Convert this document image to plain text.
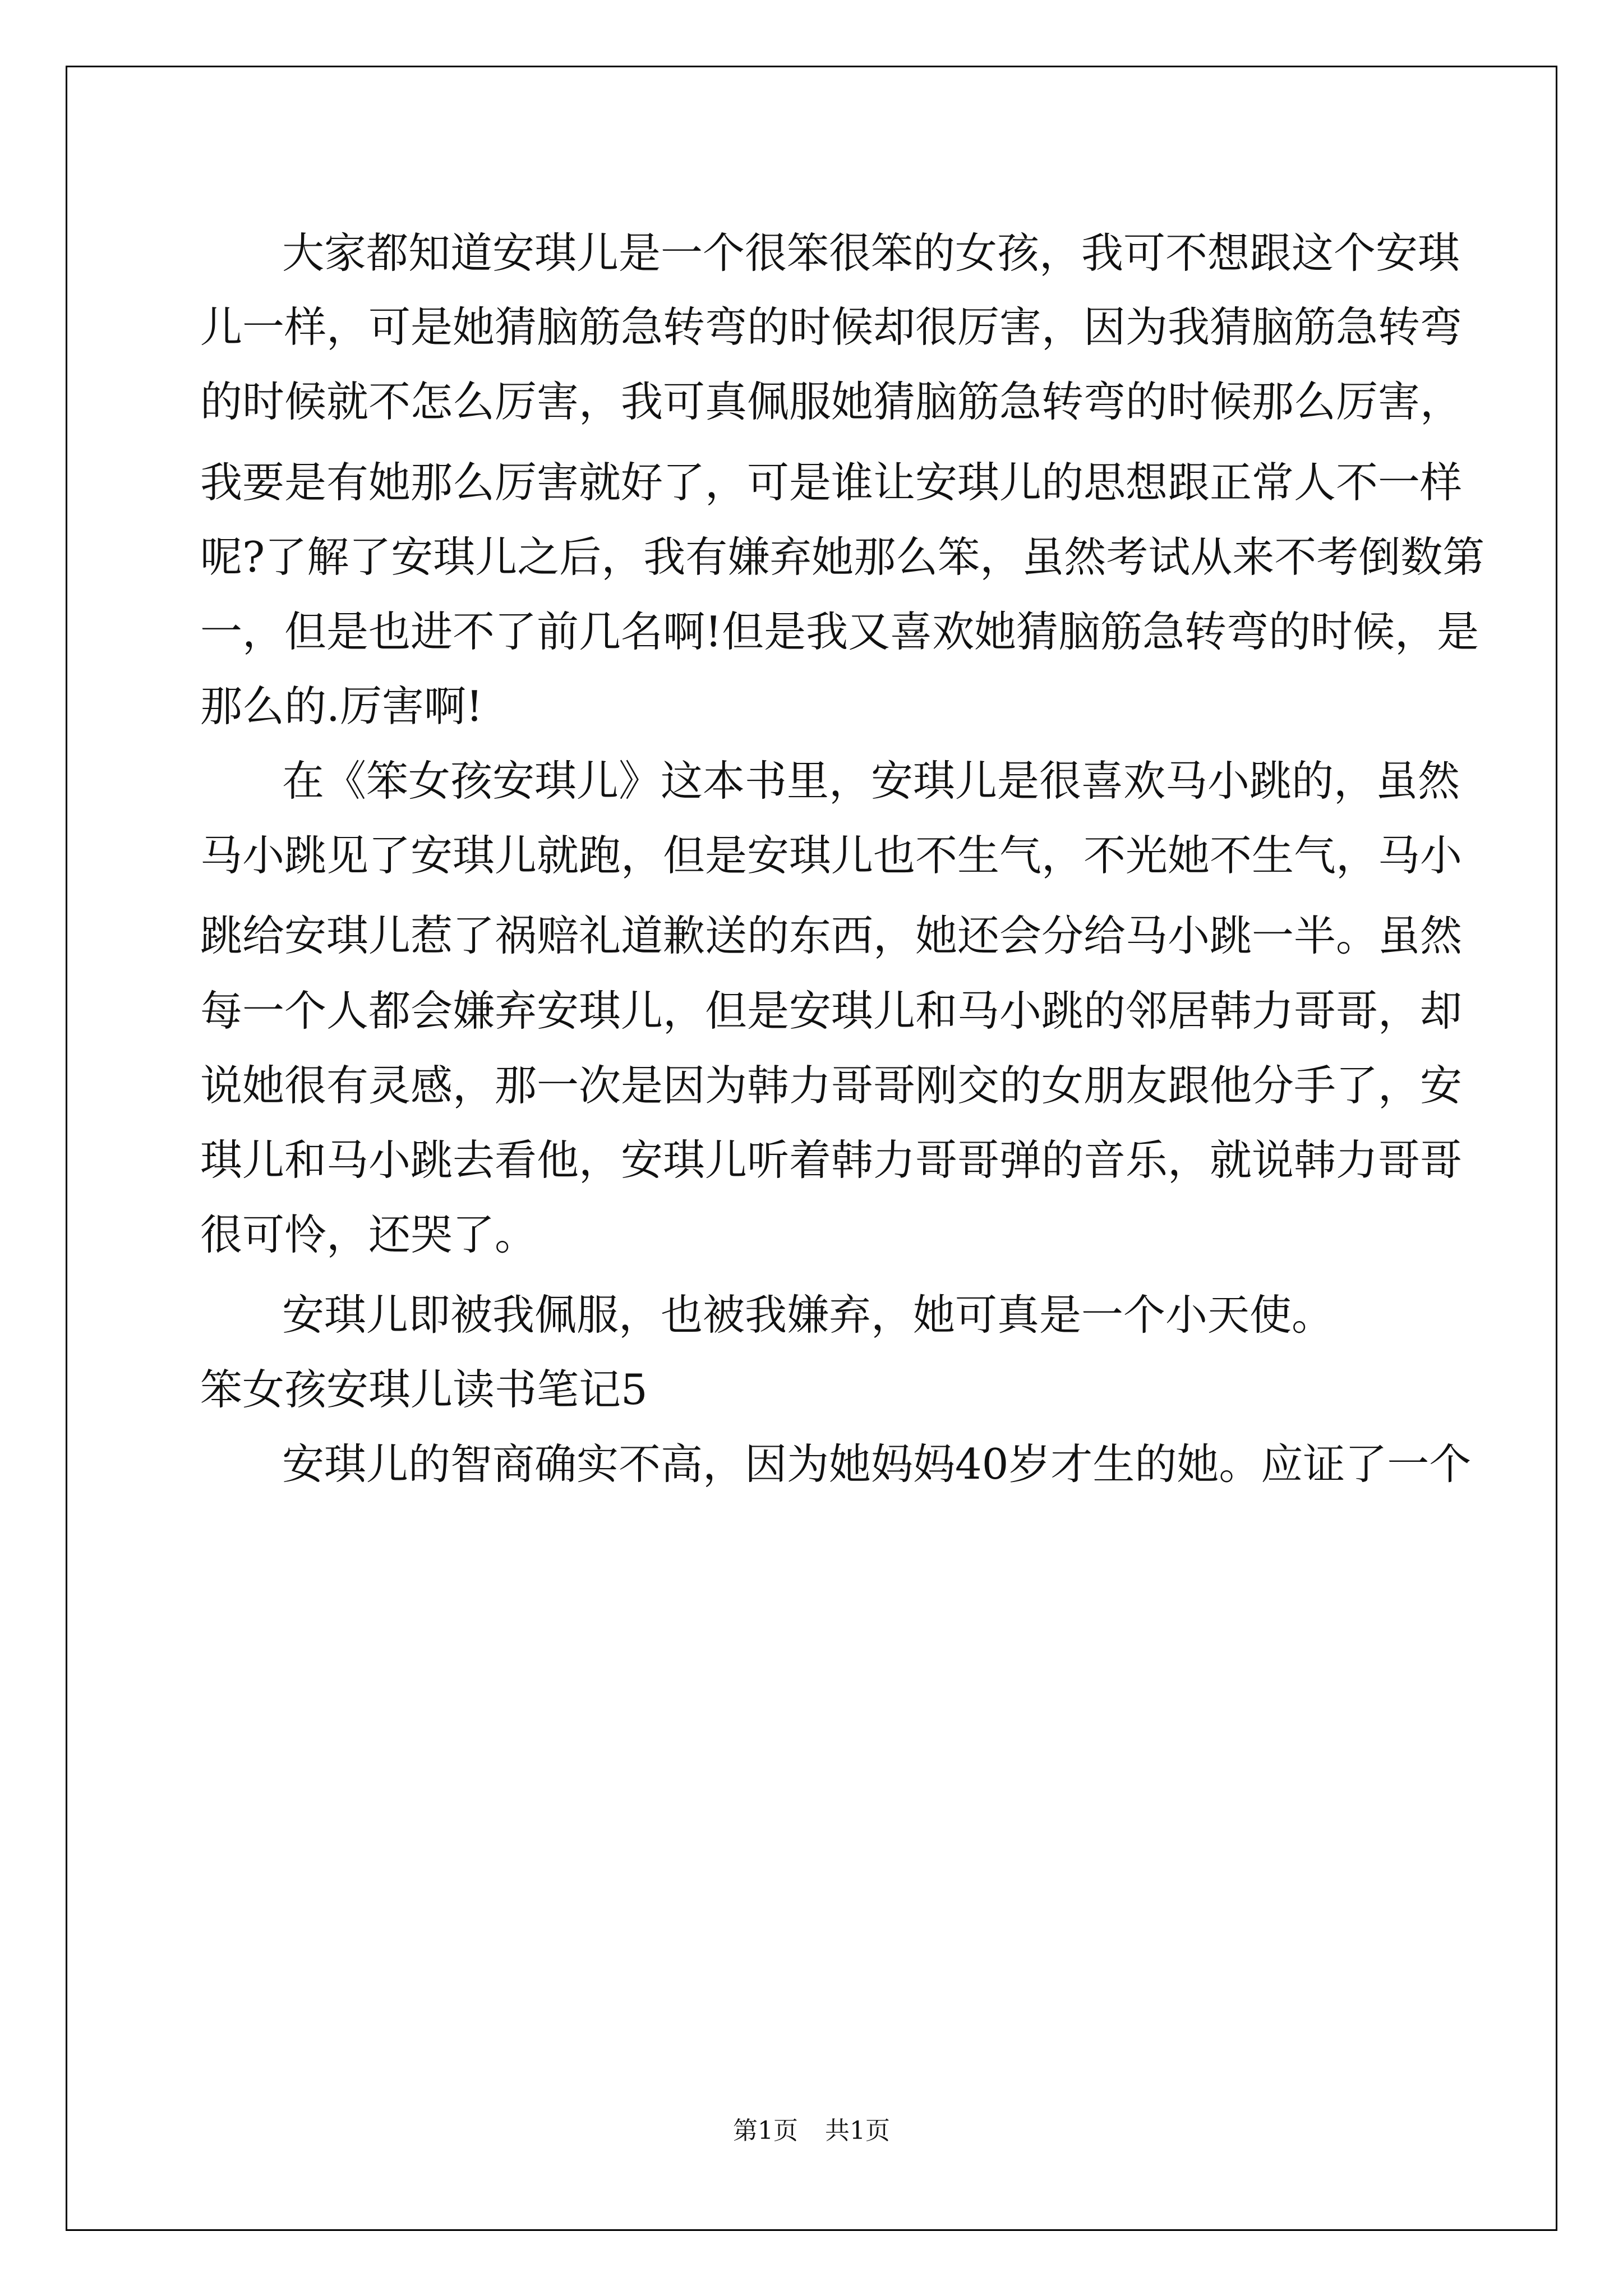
大家都知道安琪儿是一个很笨很笨的女孩，我可不想跟这个安琪

儿一样，可是她猜脑筋急转弯的时候却很厉害，因为我猜脑筋急转弯

的时候就不怎么厉害，我可真佩服她猜脑筋急转弯的时候那么厉害，

我要是有她那么厉害就好了，可是谁让安琪儿的思想跟正常人不一样

呢?了解了安琪儿之后，我有嫌弃她那么笨，虽然考试从来不考倒数第

一，但是也进不了前几名啊!但是我又喜欢她猜脑筋急转弯的时候，是

那么的.厉害啊!

在《笨女孩安琪儿》这本书里，安琪儿是很喜欢马小跳的，虽然

马小跳见了安琪儿就跑，但是安琪儿也不生气，不光她不生气，马小

跳给安琪儿惹了祸赔礼道歉送的东西，她还会分给马小跳一半。虽然

每一个人都会嫌弃安琪儿，但是安琪儿和马小跳的邻居韩力哥哥，却

说她很有灵感，那一次是因为韩力哥哥刚交的女朋友跟他分手了，安

琪儿和马小跳去看他，安琪儿听着韩力哥哥弹的音乐，就说韩力哥哥

很可怜，还哭了。

安琪儿即被我佩服，也被我嫌弃，她可真是一个小天使。

笨女孩安琪儿读书笔记5

安琪儿的智商确实不高，因为她妈妈40岁才生的她。应证了一个

第1页 共1页
